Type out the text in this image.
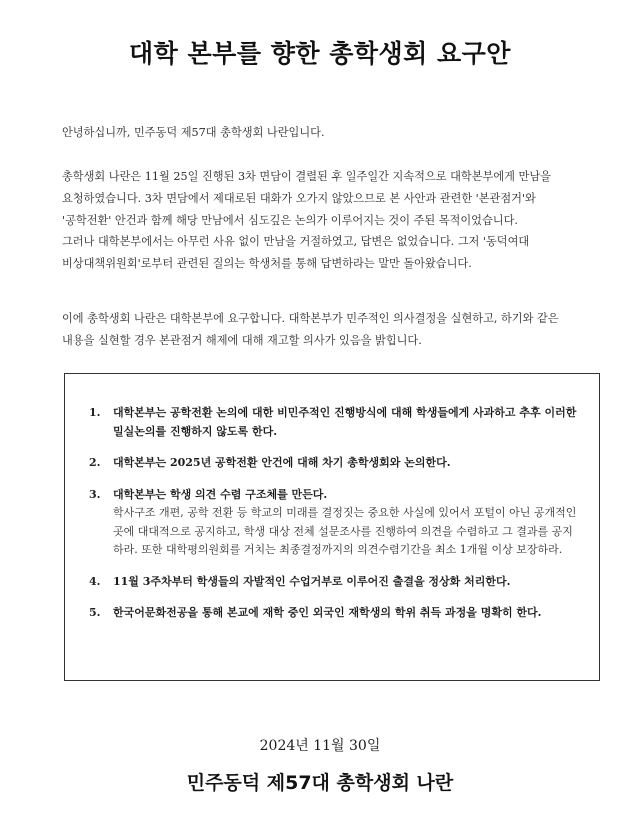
대학 본부를 향한 총학생회 요구안
안녕하십니까, 민주동덕 제57대 총학생회 나란입니다.

총학생회 나란은 11월 25일 진행된 3차 면담이 결렬된 후 일주일간 지속적으로 대학본부에게 만남을

요청하였습니다. 3차 면담에서 제대로된 대화가 오가지 않았으므로 본 사안과 관련한 '본관점거'와

'공학전환' 안건과 함께 해당 만남에서 심도깊은 논의가 이루어지는 것이 주된 목적이었습니다.

그러나 대학본부에서는 아무런 사유 없이 만남을 거절하였고, 답변은 없었습니다. 그저 '동덕여대

비상대책위원회'로부터 관련된 질의는 학생처를 통해 답변하라는 말만 돌아왔습니다.

이에 총학생회 나란은 대학본부에 요구합니다. 대학본부가 민주적인 의사결정을 실현하고, 하기와 같은

내용을 실현할 경우 본관점거 해제에 대해 재고할 의사가 있음을 밝힙니다.

1.	대학본부는 공학전환 논의에 대한 비민주적인 진행방식에 대해 학생들에게 사과하고 추후 이러한 밀실논의를 진행하지 않도록 한다.
2.	대학본부는 2025년 공학전환 안건에 대해 차기 총학생회와 논의한다.
3.	대학본부는 학생 의견 수렴 구조체를 만든다.
학사구조 개편, 공학 전환 등 학교의 미래를 결정짓는 중요한 사실에 있어서 포털이 아닌 공개적인 곳에 대대적으로 공지하고, 학생 대상 전체 설문조사를 진행하여 의견을 수렴하고 그 결과를 공지하라. 또한 대학평의원회를 거치는 최종결정까지의 의견수렴기간을 최소 1개월 이상 보장하라.
4.	11월 3주차부터 학생들의 자발적인 수업거부로 이루어진 출결을 정상화 처리한다.
5.	한국어문화전공을 통해 본교에 재학 중인 외국인 재학생의 학위 취득 과정을 명확히 한다.
2024년 11월 30일
민주동덕 제57대 총학생회 나란
